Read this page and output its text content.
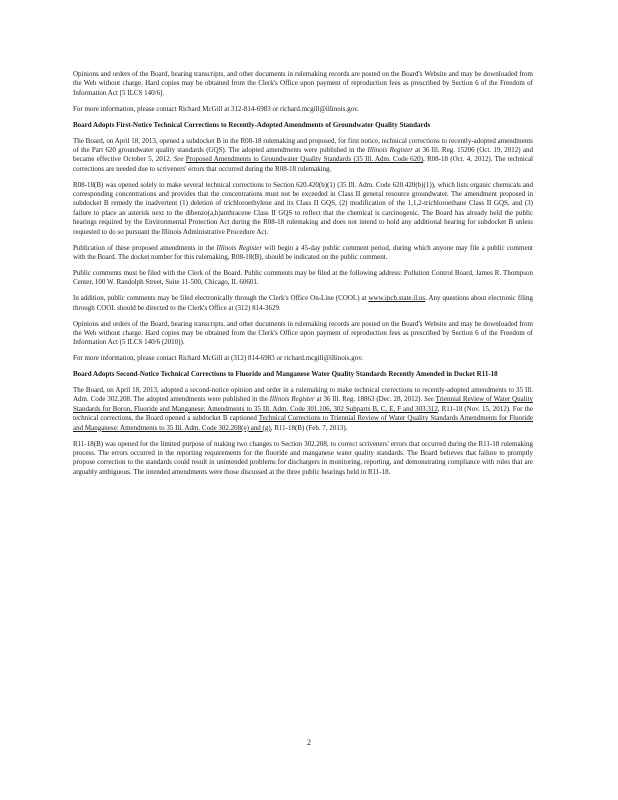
Opinions and orders of the Board, hearing transcripts, and other documents in rulemaking records are posted on the Board's Website and may be downloaded from the Web without charge. Hard copies may be obtained from the Clerk's Office upon payment of reproduction fees as prescribed by Section 6 of the Freedom of Information Act [5 ILCS 140/6].

For more information, please contact Richard McGill at 312-814-6983 or richard.mcgill@illinois.gov.

Board Adopts First-Notice Technical Corrections to Recently-Adopted Amendments of Groundwater Quality Standards

The Board, on April 18, 2013, opened a subdocket B in the R08-18 rulemaking and proposed, for first notice, technical corrections to recently-adopted amendments of the Part 620 groundwater quality standards (GQS). The adopted amendments were published in the Illinois Register at 36 Ill. Reg. 15206 (Oct. 19, 2012) and became effective October 5, 2012. See Proposed Amendments to Groundwater Quality Standards (35 Ill. Adm. Code 620), R08-18 (Oct. 4, 2012). The technical corrections are needed due to scriveners' errors that occurred during the R08-18 rulemaking.

R08-18(B) was opened solely to make several technical corrections to Section 620.420(b)(1) (35 Ill. Adm. Code 620.420(b)(1)), which lists organic chemicals and corresponding concentrations and provides that the concentrations must not be exceeded in Class II general resource groundwater. The amendment proposed in subdocket B remedy the inadvertent (1) deletion of trichloroethylene and its Class II GQS, (2) modification of the 1,1,2-trichloroethane Class II GQS, and (3) failure to place an asterisk next to the dibenzo(a,h)anthracene Class II GQS to reflect that the chemical is carcinogenic. The Board has already held the public hearings required by the Environmental Protection Act during the R08-18 rulemaking and does not intend to hold any additional hearing for subdocket B unless requested to do so pursuant the Illinois Administrative Procedure Act.

Publication of these proposed amendments in the Illinois Register will begin a 45-day public comment period, during which anyone may file a public comment with the Board. The docket number for this rulemaking, R08-18(B), should be indicated on the public comment.

Public comments must be filed with the Clerk of the Board. Public comments may be filed at the following address: Pollution Control Board, James R. Thompson Center, 100 W. Randolph Street, Suite 11-500, Chicago, IL 60601.

In addition, public comments may be filed electronically through the Clerk's Office On-Line (COOL) at www.ipcb.state.il.us. Any questions about electronic filing through COOL should be directed to the Clerk's Office at (312) 814-3629.

Opinions and orders of the Board, hearing transcripts, and other documents in rulemaking records are posted on the Board's Website and may be downloaded from the Web without charge. Hard copies may be obtained from the Clerk's Office upon payment of reproduction fees as prescribed by Section 6 of the Freedom of Information Act (5 ILCS 140/6 (2010)).

For more information, please contact Richard McGill at (312) 814-6983 or richard.mcgill@illinois.gov.

Board Adopts Second-Notice Technical Corrections to Fluoride and Manganese Water Quality Standards Recently Amended in Docket R11-18

The Board, on April 18, 2013, adopted a second-notice opinion and order in a rulemaking to make technical corrections to recently-adopted amendments to 35 Ill. Adm. Code 302.208. The adopted amendments were published in the Illinois Register at 36 Ill. Reg. 18863 (Dec. 28, 2012). See Triennial Review of Water Quality Standards for Boron, Fluoride and Manganese: Amendments to 35 Ill. Adm. Code 301.106, 302 Subparts B, C, E, F and 303.312, R11-18 (Nov. 15, 2012). For the technical corrections, the Board opened a subdocket B captioned Technical Corrections to Triennial Review of Water Quality Standards Amendments for Fluoride and Manganese: Amendments to 35 Ill. Adm. Code 302.208(e) and (g), R11-18(B) (Feb. 7, 2013).

R11-18(B) was opened for the limited purpose of making two changes to Section 302.208, to correct scriveners' errors that occurred during the R11-18 rulemaking process. The errors occurred in the reporting requirements for the fluoride and manganese water quality standards. The Board believes that failure to promptly propose correction to the standards could result in unintended problems for dischargers in monitoring, reporting, and demonstrating compliance with rules that are arguably ambiguous. The intended amendments were those discussed at the three public hearings held in R11-18.

2
